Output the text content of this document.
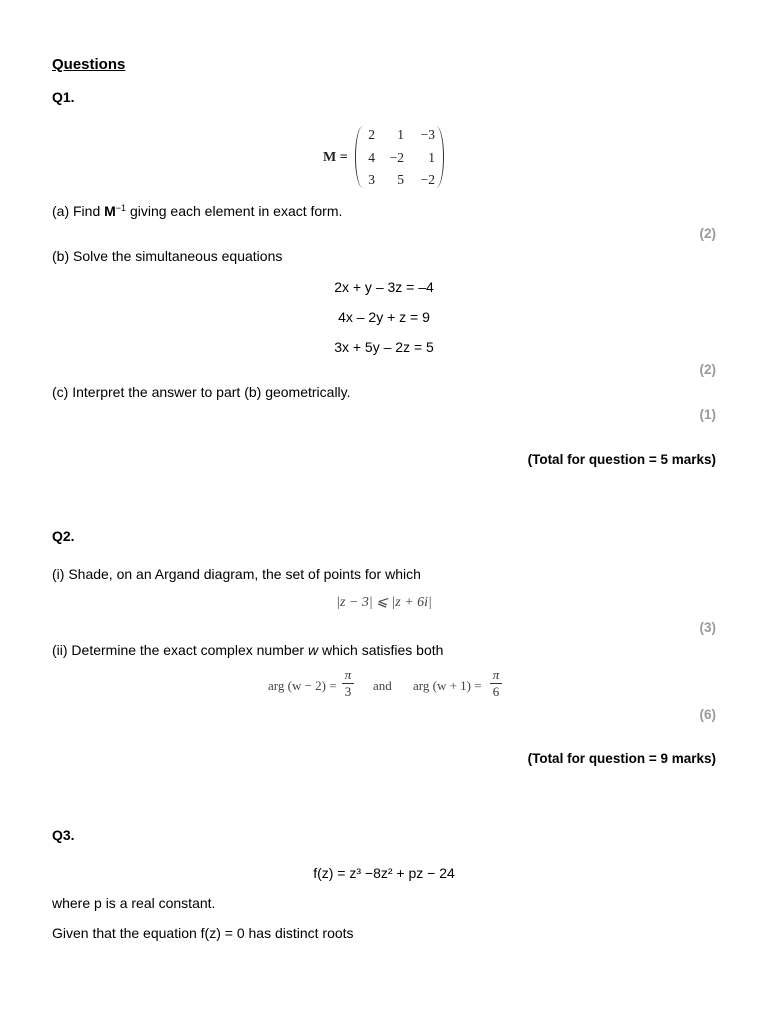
Questions
Q1.
M =
2	1	−3
4	−2	1
3	5	−2
(a) Find $M^{-1}$ giving each element in exact form.
(2)
(b) Solve the simultaneous equations
2x + y – 3z = –4
4x – 2y + z = 9
3x + 5y – 2z = 5
(2)
(c) Interpret the answer to part (b) geometrically.
(1)
(Total for question = 5 marks)
Q2.
(i) Shade, on an Argand diagram, the set of points for which
|z − 3| ⩽ |z + 6i|
(3)
(ii) Determine the exact complex number w which satisfies both
arg (w − 2) =
π
3 and arg (w + 1) =
π
6
(6)
(Total for question = 9 marks)
Q3.
f(z) = z³ −8z² + pz − 24
where p is a real constant.
Given that the equation f(z) = 0 has distinct roots
